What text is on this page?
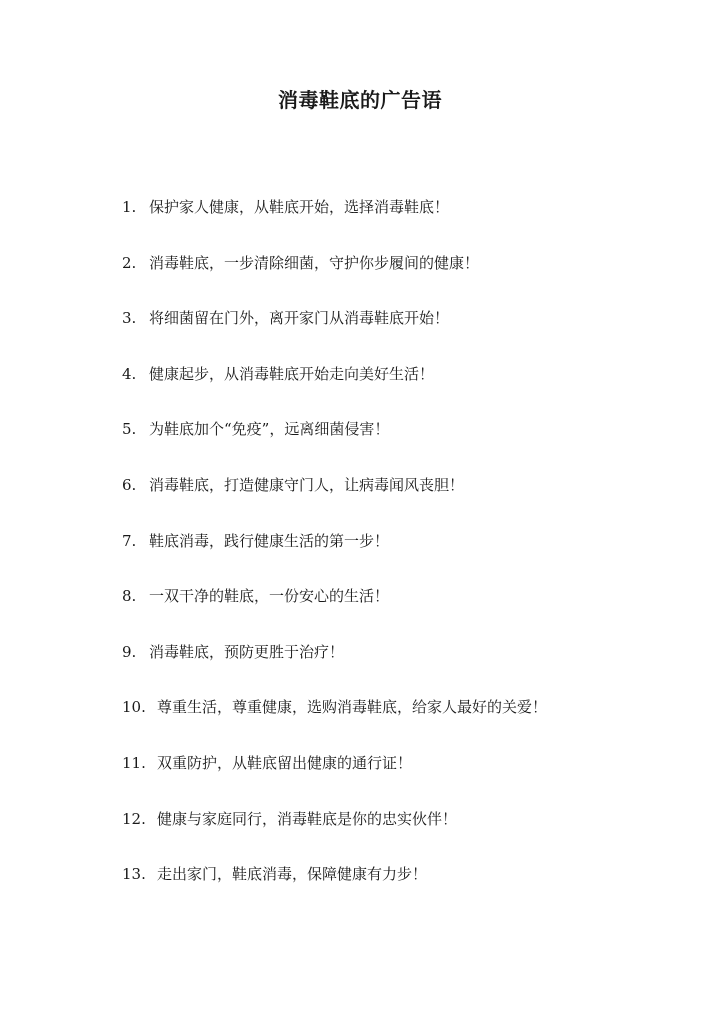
消毒鞋底的广告语
1. 保护家人健康，从鞋底开始，选择消毒鞋底！
2. 消毒鞋底，一步清除细菌，守护你步履间的健康！
3. 将细菌留在门外，离开家门从消毒鞋底开始！
4. 健康起步，从消毒鞋底开始走向美好生活！
5. 为鞋底加个“免疫”，远离细菌侵害！
6. 消毒鞋底，打造健康守门人，让病毒闻风丧胆！
7. 鞋底消毒，践行健康生活的第一步！
8. 一双干净的鞋底，一份安心的生活！
9. 消毒鞋底，预防更胜于治疗！
10. 尊重生活，尊重健康，选购消毒鞋底，给家人最好的关爱！
11. 双重防护，从鞋底留出健康的通行证！
12. 健康与家庭同行，消毒鞋底是你的忠实伙伴！
13. 走出家门，鞋底消毒，保障健康有力步！
